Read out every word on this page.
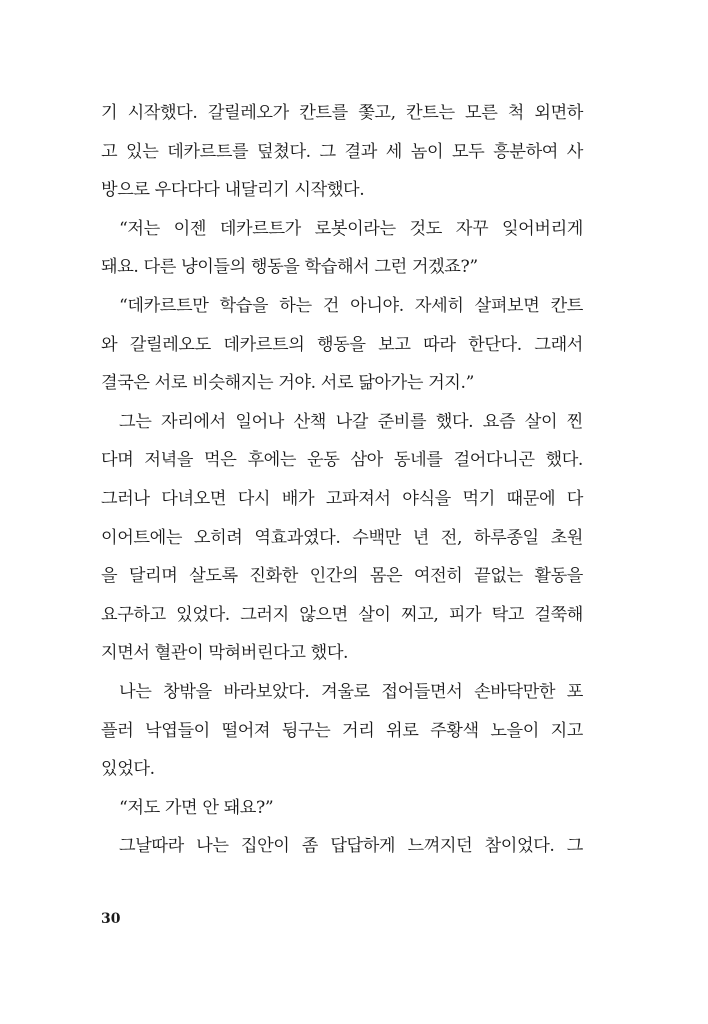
기 시작했다. 갈릴레오가 칸트를 쫓고, 칸트는 모른 척 외면하
고 있는 데카르트를 덮쳤다. 그 결과 세 놈이 모두 흥분하여 사
방으로 우다다다 내달리기 시작했다.
“저는 이젠 데카르트가 로봇이라는 것도 자꾸 잊어버리게
돼요. 다른 냥이들의 행동을 학습해서 그런 거겠죠?”
“데카르트만 학습을 하는 건 아니야. 자세히 살펴보면 칸트
와 갈릴레오도 데카르트의 행동을 보고 따라 한단다. 그래서
결국은 서로 비슷해지는 거야. 서로 닮아가는 거지.”
그는 자리에서 일어나 산책 나갈 준비를 했다. 요즘 살이 찐
다며 저녁을 먹은 후에는 운동 삼아 동네를 걸어다니곤 했다.
그러나 다녀오면 다시 배가 고파져서 야식을 먹기 때문에 다
이어트에는 오히려 역효과였다. 수백만 년 전, 하루종일 초원
을 달리며 살도록 진화한 인간의 몸은 여전히 끝없는 활동을
요구하고 있었다. 그러지 않으면 살이 찌고, 피가 탁고 걸쭉해
지면서 혈관이 막혀버린다고 했다.
나는 창밖을 바라보았다. 겨울로 접어들면서 손바닥만한 포
플러 낙엽들이 떨어져 뒹구는 거리 위로 주황색 노을이 지고
있었다.
“저도 가면 안 돼요?”
그날따라 나는 집안이 좀 답답하게 느껴지던 참이었다. 그
30
